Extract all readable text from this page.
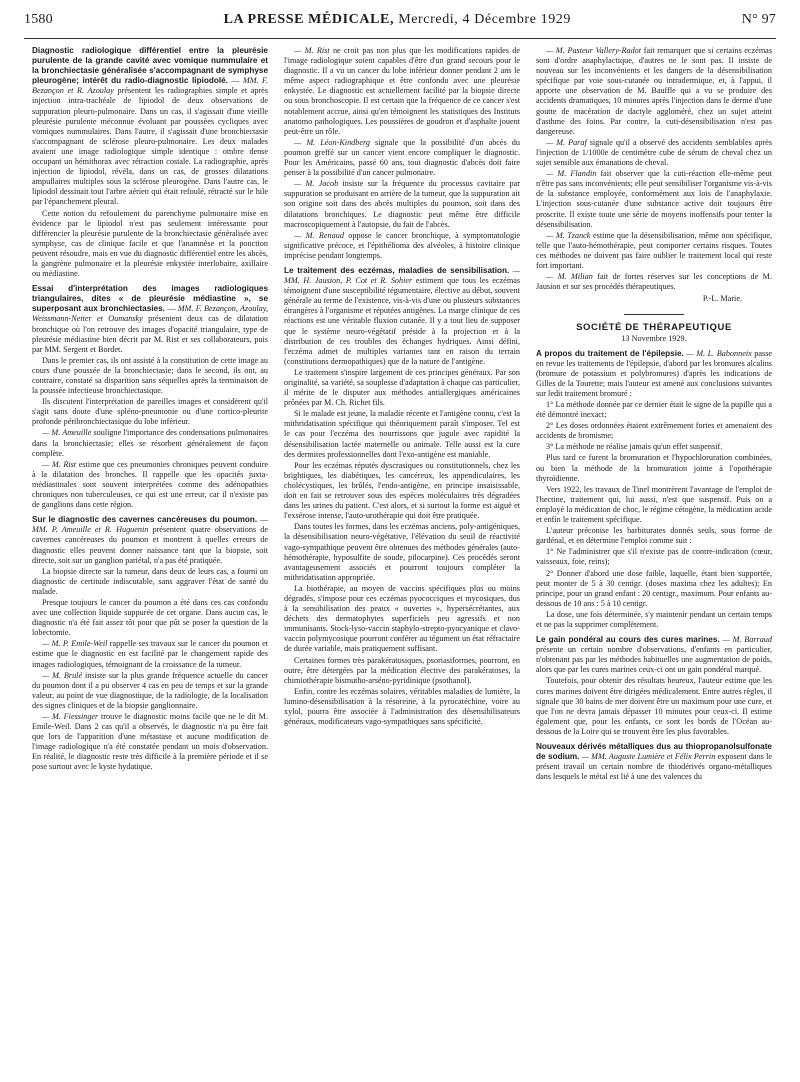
1580	LA PRESSE MÉDICALE, Mercredi, 4 Décembre 1929	N° 97

Diagnostic radiologique différentiel entre la pleurésie purulente de la grande cavité avec vomique nummulaire et la bronchiectasie généralisée s'accompagnant de symphyse pleurogène; intérêt du radio-diagnostic lipiodolé. — MM. F. Bezançon et R. Azoulay présentent les radiographies simple et après injection intra-trachéale de lipiodol de deux observations de suppuration pleuro-pulmonaire. Dans un cas, il s'agissait d'une vieille pleurésie purulente méconnue évoluant par poussées cycliques avec vomiques nummulaires. Dans l'autre, il s'agissait d'une bronchiectasie s'accompagnant de sclérose pleuro-pulmonaire. Les deux malades avaient une image radiologique simple identique : ombre dense occupant un hémithorax avec rétraction costale. La radiographie, après injection de lipiodol, révéla, dans un cas, de grosses dilatations ampullaires multiples sous la sclérose pleurogène. Dans l'autre cas, le lipiodol dessinait tout l'arbre aérien qui était refoulé, rétracté sur le hile par l'épanchement pleural.

Cette notion du refoulement du parenchyme pulmonaire mise en évidence par le lipiodol n'est pas seulement intéressante pour différencier la pleurésie purulente de la bronchiectasie généralisée avec symphyse, cas de clinique facile et que l'anamnèse et la ponction peuvent résoudre, mais en vue du diagnostic différentiel entre les abcès, la gangrène pulmonaire et la pleurésie enkystée interlobaire, axillaire ou médiastine.

Essai d'interprétation des images radiologiques triangulaires, dites « de pleurésie médiastine », se superposant aux bronchiectasies. — MM. F. Bezançon, Azoulay, Weissmann-Netter et Oumansky présentent deux cas de dilatation bronchique où l'on retrouve des images d'opacité triangulaire, type de pleurésie médiastine bien décrit par M. Rist et ses collaborateurs, puis par MM. Sergent et Bordet.

Dans le premier cas, ils ont assisté à la constitution de cette image au cours d'une poussée de la bronchiectasie; dans le second, ils ont, au contraire, constaté sa disparition sans séquelles après la terminaison de la poussée infectieuse bronchiectasique.

Ils discutent l'interprétation de pareilles images et considèrent qu'il s'agit sans doute d'une spléno-pneumonie ou d'une cortico-pleurite profonde péribronchiectasique du lobe inférieur.

— M. Ameuille souligne l'importance des condensations pulmonaires dans la bronchiectasie; elles se résorbent généralement de façon complète.

— M. Rist estime que ces pneumonies chroniques peuvent conduire à la dilatation des bronches. Il rappelle que les opacités juxta-médiastinales sont souvent interprétées comme des adénopathies chroniques non tuberculeuses, ce qui est une erreur, car il n'existe pas de ganglions dans cette région.

Sur le diagnostic des cavernes cancéreuses du poumon. — MM. P. Ameuille et R. Huguenin présentent quatre observations de cavernes cancéreuses du poumon et montrent à quelles erreurs de diagnostic elles peuvent donner naissance tant que la biopsie, soit directe, soit sur un ganglion pariétal, n'a pas été pratiquée.

La biopsie directe sur la tumeur, dans deux de leurs cas, a fourni un diagnostic de certitude indiscutable, sans aggraver l'état de santé du malade.

Presque toujours le cancer du poumon a été dans ces cas confondu avec une collection liquide suppurée de cet organe. Dans aucun cas, le diagnostic n'a été fait assez tôt pour que pût se poser la question de la lobectomie.

— M. P. Emile-Weil rappelle ses travaux sur le cancer du poumon et estime que le diagnostic en est facilité par le changement rapide des images radiologiques, témoignant de la croissance de la tumeur.

— M. Brulé insiste sur la plus grande fréquence actuelle du cancer du poumon dont il a pu observer 4 cas en peu de temps et sur la grande valeur, au point de vue diagnostique, de la radiologie, de la localisation des signes cliniques et de la biopsie ganglionnaire.

— M. Fiessinger trouve le diagnostic moins facile que ne le dit M. Emile-Weil. Dans 2 cas qu'il a observés, le diagnostic n'a pu être fait que lors de l'apparition d'une métastase et aucune modification de l'image radiologique n'a été constatée pendant un mois d'observation. En réalité, le diagnostic reste très difficile à la première période et il se pose surtout avec le kyste hydatique.

— M. Rist ne croit pas non plus que les modifications rapides de l'image radiologique soient capables d'être d'un grand secours pour le diagnostic. Il a vu un cancer du lobe inférieur donner pendant 2 ans le même aspect radiographique et être confondu avec une pleurésie enkystée. Le diagnostic est actuellement facilité par la biopsie directe ou sous bronchoscopie. Il est certain que la fréquence de ce cancer s'est notablement accrue, ainsi qu'en témoignent les statistiques des Instituts anatomo pathologiques. Les poussières de goudron et d'asphalte jouent peut-être un rôle.

— M. Léon-Kindberg signale que la possibilité d'un abcès du poumon greffé sur un cancer vient encore compliquer le diagnostic. Pour les Américains, passé 60 ans, tout diagnostic d'abcès doit faire penser à la possibilité d'un cancer pulmonaire.

— M. Jacob insiste sur la fréquence du processus cavitaire par suppuration se produisant en arrière de la tumeur, que la suppuration ait son origine soit dans des abcès multiples du poumon, soit dans des dilatations bronchiques. Le diagnostic peut même être difficile macroscopiquement à l'autopsie, du fait de l'abcès.

— M. Renaud oppose le cancer bronchique, à symptomatologie significative précoce, et l'épithélioma des alvéoles, à histoire clinique imprécise pendant longtemps.

Le traitement des eczémas, maladies de sensibilisation. — MM. H. Jausion, P. Cot et R. Sohier estiment que tous les eczémas témoignent d'une susceptibilité tégumentaire, élective au début, souvent générale au terme de l'existence, vis-à-vis d'une ou plusieurs substances étrangères à l'organisme et réputées antigènes. La marge clinique de ces réactions est une véritable fluxion cutanée. Il y a tout lieu de supposer que le système neuro-végétatif préside à la projection et à la distribution de ces troubles des échanges hydriques. Ainsi défini, l'eczéma admet de multiples variantes tant en raison du terrain (constitutions dermopathiques) que de la nature de l'antigène.

Le traitement s'inspire largement de ces principes généraux. Par son originalité, sa variété, sa souplesse d'adaptation à chaque cas particulier, il mérite de le disputer aux méthodes antiallergiques américaines prônées par M. Ch. Richet fils.

Si le malade est jeune, la maladie récente et l'antigène connu, c'est la mithridatisation spécifique qui théoriquement paraît s'imposer. Tel est le cas pour l'eczéma des nourrissons que jugule avec rapidité la désensibilisation lactée maternelle ou animale. Telle aussi est la cure des dermites professionnelles dont l'exo-antigène est maniable.

Pour les eczémas réputés dyscrasiques ou constitutionnels, chez les brightiques, les diabétiques, les cancéreux, les appendiculaires, les cholécystiques, les brûlés, l'endo-antigène, en principe insaisissable, doit en fait se retrouver sous des espèces moléculaires très dégradées dans les urines du patient. C'est alors, et si surtout la forme est aiguë et l'exsérose intense, l'auto-urothérapie qui doit être pratiquée.

Dans toutes les formes, dans les eczémas anciens, poly-antigéniques, la désensibilisation neuro-végétative, l'élévation du seuil de réactivité vago-sympathique peuvent être obtenues des méthodes générales (auto-hémothérapie, hyposulfite de soude, pilocarpine). Ces procédés seront avantageusement associés et pourront toujours compléter la mithridatisation appropriée.

La biothérapie, au moyen de vaccins spécifiques plus ou moins dégradés, s'impose pour ces eczémas pyococciques et mycosiques, dus à la sensibilisation des peaux « ouvertes », hypersécrétantes, aux déchets des dermatophytes superficiels peu agressifs et non immunisants. Stock-lyso-vaccin staphylo-strepto-pyocyanique et clavo-vaccin polymycosique pourront conférer au tégument un état réfractaire de durée variable, mais pratiquement suffisant.

Certaines formes très parakératosiques, psoriasiformes, pourront, en outre, être détergées par la médication élective des parakératoses, la chimiothérapie bismutho-arséno-pyridinique (psothanol).

Enfin, contre les eczémas solaires, véritables maladies de lumière, la lumino-désensibilisation à la résoreine, à la pyrocatéchine, voire au xylol, pourra être associée à l'administration des désensibilisateurs généraux, modificateurs vago-sympathiques sans spécificité.

— M. Pasteur Vallery-Radot fait remarquer que si certains eczémas sont d'ordre anaphylactique, d'autres ne le sont pas. Il insiste de nouveau sur les inconvénients et les dangers de la désensibilisation spécifique par voie sous-cutanée ou intradermique, et, à l'appui, il apporte une observation de M. Bauffle qui a vu se produire des accidents dramatiques, 10 minutes après l'injection dans le derme d'une goutte de macération de dactyle aggloméré, chez un sujet atteint d'asthme des foins. Par contre, la cuti-désensibilisation n'est pas dangereuse.

— M. Paraf signale qu'il a observé des accidents semblables après l'injection de 1/1000e de centimètre cube de sérum de cheval chez un sujet sensible aux émanations de cheval.

— M. Flandin fait observer que la cuti-réaction elle-même peut n'être pas sans inconvénients; elle peut sensibiliser l'organisme vis-à-vis de la substance employée, conformément aux lois de l'anaphylaxie. L'injection sous-cutanée d'une substance active doit toujours être proscrite. Il existe toute une série de moyens inoffensifs pour tenter la désensibilisation.

— M. Tzanck estime que la désensibilisation, même non spécifique, telle que l'auto-hémothérapie, peut comporter certains risques. Toutes ces méthodes ne doivent pas faire oublier le traitement local qui reste fort important.

— M. Milian fait de fortes réserves sur les conceptions de M. Jausion et sur ses procédés thérapeutiques.

P.-L. Marie.

SOCIÉTÉ DE THÉRAPEUTIQUE

13 Novembre 1929.

A propos du traitement de l'épilepsie. — M. L. Babonneix passe en revue les traitements de l'épilepsie, d'abord par les bromures alcalins (bromure de potassium et polybromures) d'après les indications de Gilles de la Tourette; mais l'auteur est amené aux conclusions suivantes sur ledit traitement bromuré :

1° La méthode donnée par ce dernier était le signe de la pupille qui a été démontré inexact;

2° Les doses ordonnées étaient extrêmement fortes et amenaient des accidents de bromisme;

3° La méthode ne réalise jamais qu'un effet suspensif.

Plus tard ce furent la bromuration et l'hypochloruration combinées, ou bien la méthode de la bromuration jointe à l'opothérapie thyroïdienne.

Vers 1922, les travaux de Tinel montrèrent l'avantage de l'emploi de l'hectine, traitement qui, lui aussi, n'est que suspensif. Puis on a employé la médication de choc, le régime cétogène, la médication acide et enfin le traitement spécifique.

L'auteur préconise les barbiturates donnés seuls, sous forme de gardénal, et en détermine l'emploi comme suit :

1° Ne l'administrer que s'il n'existe pas de contre-indication (cœur, vaisseaux, foie, reins);

2° Donner d'abord une dose faible, laquelle, étant bien supportée, peut monter de 5 à 30 centigr. (doses maxima chez les adultes); En principe, pour un grand enfant : 20 centigr., maximum. Pour enfants au-dessous de 10 ans : 5 à 10 centigr.

La dose, une fois déterminée, s'y maintenir pendant un certain temps et ne pas la supprimer complètement.

Le gain pondéral au cours des cures marines. — M. Barraud présente un certain nombre d'observations, d'enfants en particulier, n'obtenant pas par les méthodes habituelles une augmentation de poids, alors que par les cures marines ceux-ci ont un gain pondéral marqué.

Toutefois, pour obtenir des résultats heureux, l'auteur estime que les cures marines doivent être dirigées médicalement. Entre autres règles, il signale que 30 bains de mer doivent être un maximum pour une cure, et que l'on ne devra jamais dépasser 10 minutes pour ceux-ci. Il estime également que, pour les enfants, ce sont les bords de l'Océan au-dessous de la Loire qui se trouvent être les plus favorables.

Nouveaux dérivés métalliques dus au thiopropanolsulfonate de sodium. — MM. Auguste Lumière et Félix Perrin exposent dans le présent travail un certain nombre de thiodérivés organo-métalliques dans lesquels le métal est lié à une des valences du
